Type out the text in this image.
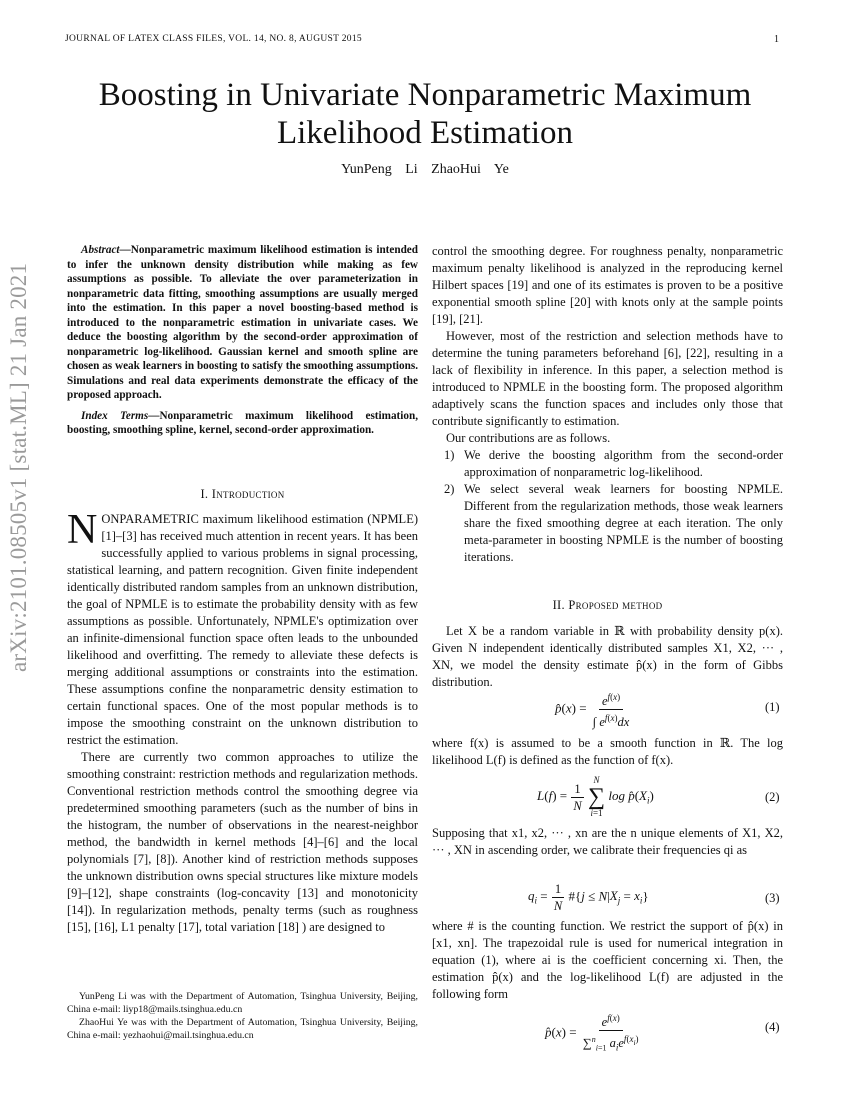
JOURNAL OF LATEX CLASS FILES, VOL. 14, NO. 8, AUGUST 2015	1
Boosting in Univariate Nonparametric Maximum Likelihood Estimation
YunPeng Li ZhaoHui Ye
arXiv:2101.08505v1 [stat.ML] 21 Jan 2021

Abstract—Nonparametric maximum likelihood estimation is intended to infer the unknown density distribution while making as few assumptions as possible. To alleviate the over parameterization in nonparametric data fitting, smoothing assumptions are usually merged into the estimation. In this paper a novel boosting-based method is introduced to the nonparametric estimation in univariate cases. We deduce the boosting algorithm by the second-order approximation of nonparametric log-likelihood. Gaussian kernel and smooth spline are chosen as weak learners in boosting to satisfy the smoothing assumptions. Simulations and real data experiments demonstrate the efficacy of the proposed approach.

Index Terms—Nonparametric maximum likelihood estimation, boosting, smoothing spline, kernel, second-order approximation.

I. Introduction

NONPARAMETRIC maximum likelihood estimation (NPMLE) [1]–[3] has received much attention in recent years. It has been successfully applied to various problems in signal processing, statistical learning, and pattern recognition. Given finite independent identically distributed random samples from an unknown distribution, the goal of NPMLE is to estimate the probability density with as few assumptions as possible. Unfortunately, NPMLE's optimization over an infinite-dimensional function space often leads to the unbounded likelihood and overfitting. The remedy to alleviate these defects is merging additional assumptions or constraints into the estimation. These assumptions confine the nonparametric density estimation to certain functional spaces. One of the most popular methods is to impose the smoothing constraint on the unknown distribution to restrict the estimation.

There are currently two common approaches to utilize the smoothing constraint: restriction methods and regularization methods. Conventional restriction methods control the smoothing degree via predetermined smoothing parameters (such as the number of bins in the histogram, the number of observations in the nearest-neighbor method, the bandwidth in kernel methods [4]–[6] and the local polynomials [7], [8]). Another kind of restriction methods supposes the unknown distribution owns special structures like mixture models [9]–[12], shape constraints (log-concavity [13] and monotonicity [14]). In regularization methods, penalty terms (such as roughness [15], [16], L1 penalty [17], total variation [18] ) are designed to

YunPeng Li was with the Department of Automation, Tsinghua University, Beijing, China e-mail: liyp18@mails.tsinghua.edu.cn

ZhaoHui Ye was with the Department of Automation, Tsinghua University, Beijing, China e-mail: yezhaohui@mail.tsinghua.edu.cn

control the smoothing degree. For roughness penalty, nonparametric maximum penalty likelihood is analyzed in the reproducing kernel Hilbert spaces [19] and one of its estimates is proven to be a positive exponential smooth spline [20] with knots only at the sample points [19], [21].

However, most of the restriction and selection methods have to determine the tuning parameters beforehand [6], [22], resulting in a lack of flexibility in inference. In this paper, a selection method is introduced to NPMLE in the boosting form. The proposed algorithm adaptively scans the function spaces and includes only those that contribute significantly to estimation.

Our contributions are as follows.

1) We derive the boosting algorithm from the second-order approximation of nonparametric log-likelihood.
2) We select several weak learners for boosting NPMLE. Different from the regularization methods, those weak learners share the fixed smoothing degree at each iteration. The only meta-parameter in boosting NPMLE is the number of boosting iterations.
II. Proposed method

Let X be a random variable in ℝ with probability density p(x). Given N independent identically distributed samples X1, X2, ··· , XN, we model the density estimate p̂(x) in the form of Gibbs distribution.

p̂(x) = $\frac{e^{f(x)}}{\int e^{f(x)}dx}$	(1)

where f(x) is assumed to be a smooth function in ℝ. The log likelihood L(f) is defined as the function of f(x).

$L(f) = \frac{1}{N}$

N
∑
i=1
$\log p̂(X_i)$	(2)

Supposing that x1, x2, ··· , xn are the n unique elements of X1, X2, ··· , XN in ascending order, we calibrate their frequencies qi as

$q_i = \frac{1}{N}$ #{j ≤ $N|X_j = x_i$}	(3)

where # is the counting function. We restrict the support of p̂(x) in [x1, xn]. The trapezoidal rule is used for numerical integration in equation (1), where ai is the coefficient concerning xi. Then, the estimation p̂(x) and the log-likelihood L(f) are adjusted in the following form

p̂(x) = $\frac{e^{f(x)}}{\sum^n_{i=1} a_ie^{f(x_i)}}$	(4)
